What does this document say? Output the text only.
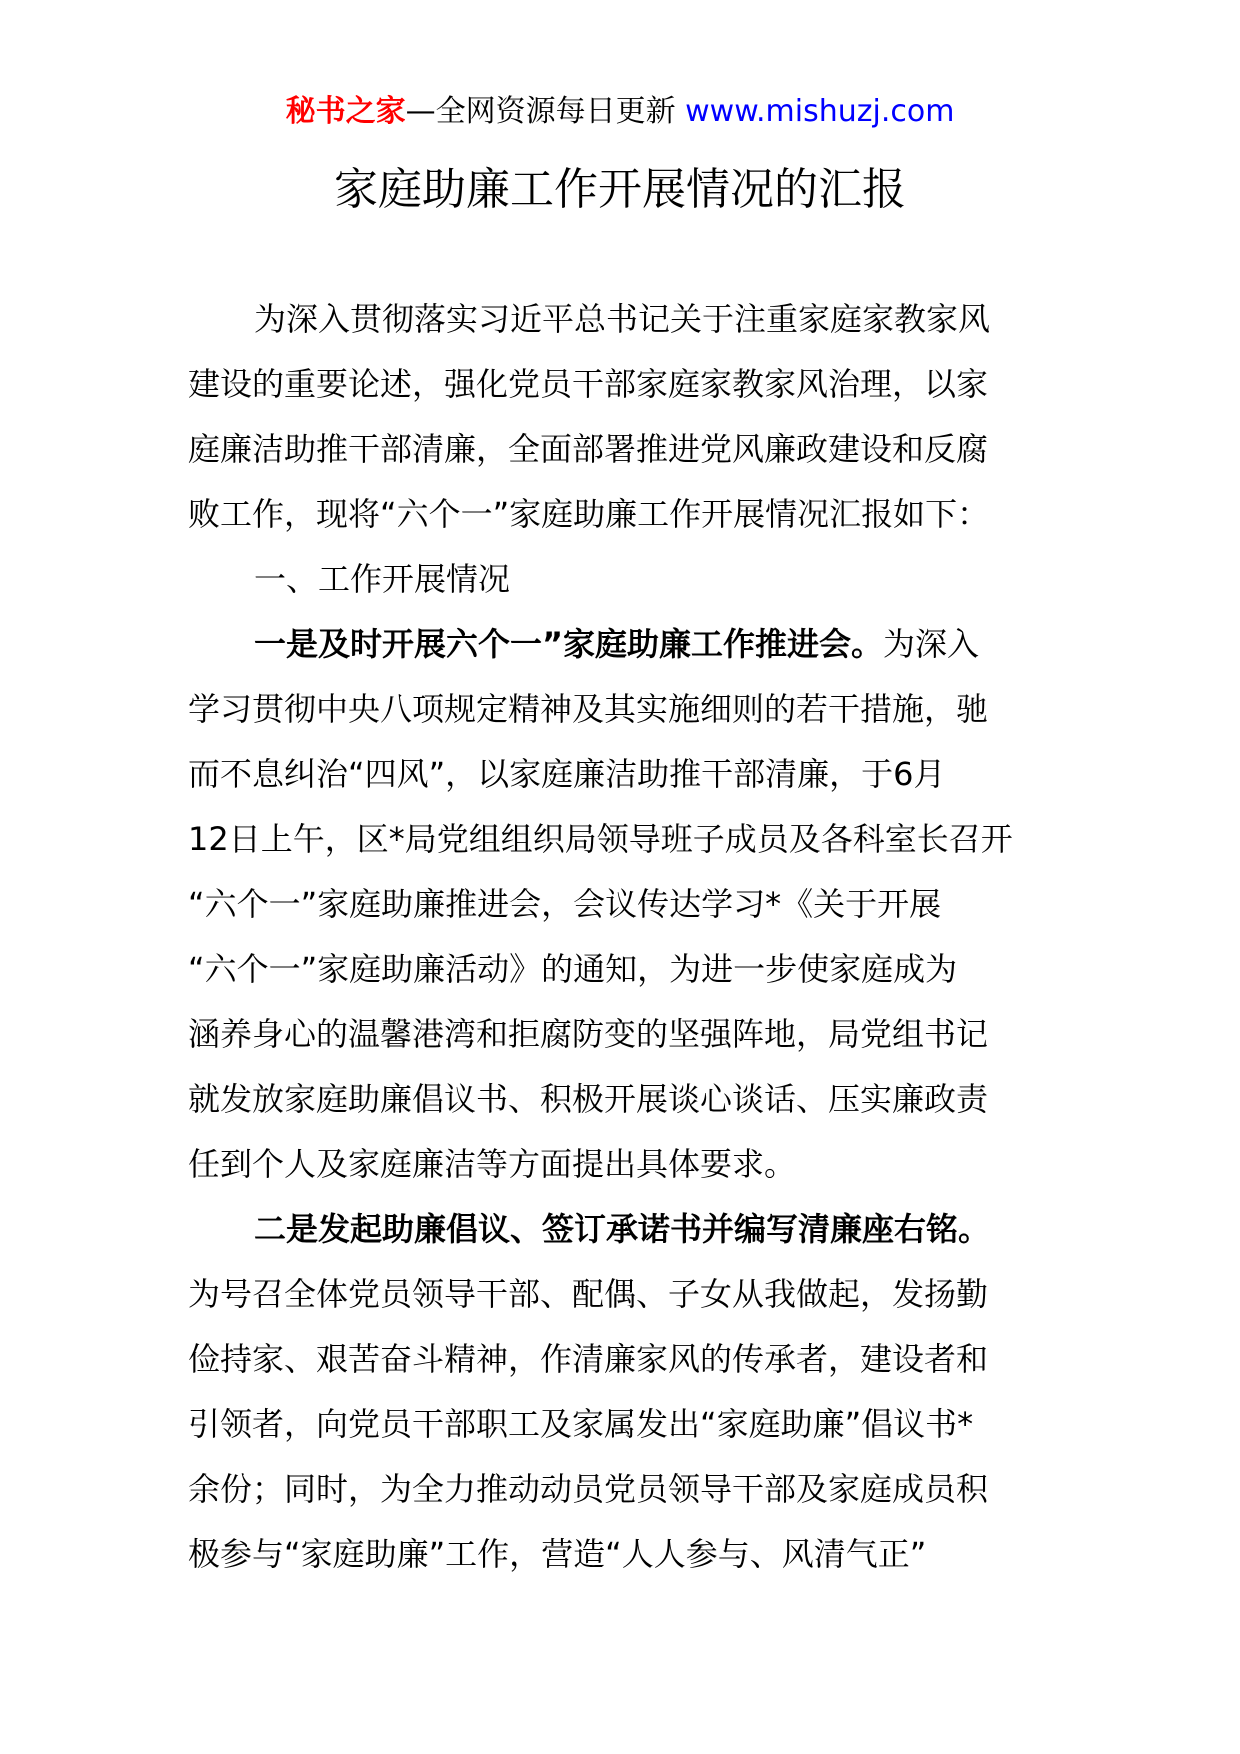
秘书之家—全网资源每日更新 www.mishuzj.com
家庭助廉工作开展情况的汇报
为深入贯彻落实习近平总书记关于注重家庭家教家风
建设的重要论述，强化党员干部家庭家教家风治理，以家
庭廉洁助推干部清廉，全面部署推进党风廉政建设和反腐
败工作，现将“六个一”家庭助廉工作开展情况汇报如下：
一、工作开展情况
一是及时开展六个一”家庭助廉工作推进会。为深入
学习贯彻中央八项规定精神及其实施细则的若干措施，驰
而不息纠治“四风”，以家庭廉洁助推干部清廉，于6月
12日上午，区*局党组组织局领导班子成员及各科室长召开
“六个一”家庭助廉推进会，会议传达学习*《关于开展
“六个一”家庭助廉活动》的通知，为进一步使家庭成为
涵养身心的温馨港湾和拒腐防变的坚强阵地，局党组书记
就发放家庭助廉倡议书、积极开展谈心谈话、压实廉政责
任到个人及家庭廉洁等方面提出具体要求。
二是发起助廉倡议、签订承诺书并编写清廉座右铭。
为号召全体党员领导干部、配偶、子女从我做起，发扬勤
俭持家、艰苦奋斗精神，作清廉家风的传承者，建设者和
引领者，向党员干部职工及家属发出“家庭助廉”倡议书*
余份；同时，为全力推动动员党员领导干部及家庭成员积
极参与“家庭助廉”工作，营造“人人参与、风清气正”
